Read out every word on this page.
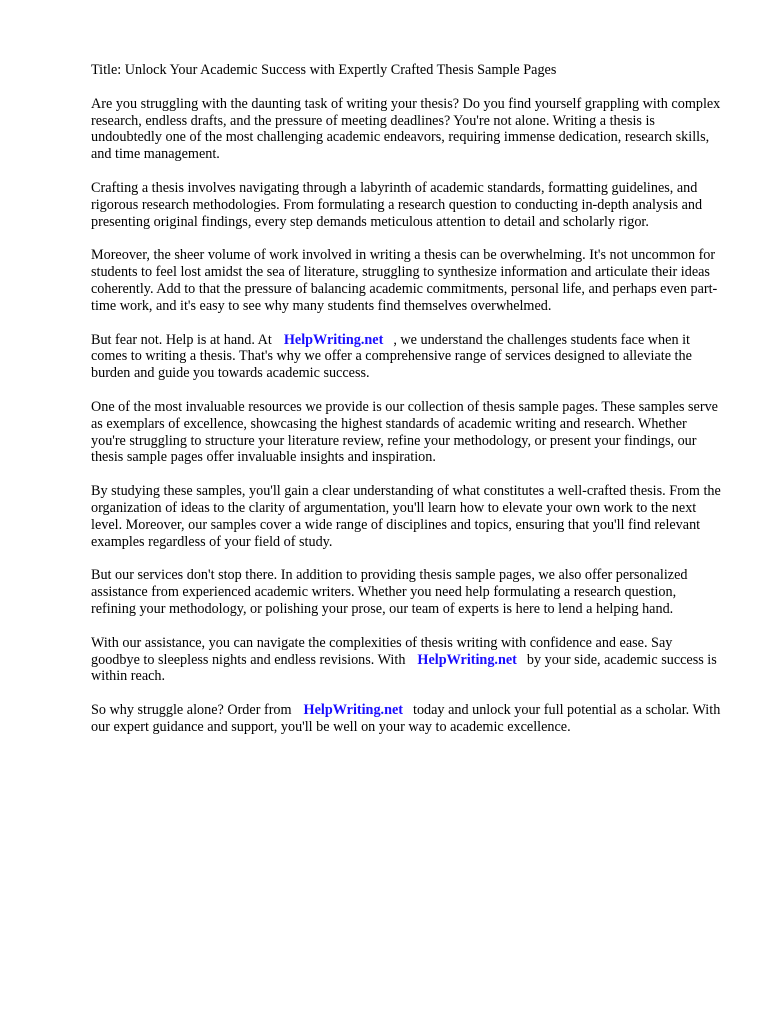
Title: Unlock Your Academic Success with Expertly Crafted Thesis Sample Pages

Are you struggling with the daunting task of writing your thesis? Do you find yourself grappling with complex research, endless drafts, and the pressure of meeting deadlines? You're not alone. Writing a thesis is undoubtedly one of the most challenging academic endeavors, requiring immense dedication, research skills, and time management.

Crafting a thesis involves navigating through a labyrinth of academic standards, formatting guidelines, and rigorous research methodologies. From formulating a research question to conducting in-depth analysis and presenting original findings, every step demands meticulous attention to detail and scholarly rigor.

Moreover, the sheer volume of work involved in writing a thesis can be overwhelming. It's not uncommon for students to feel lost amidst the sea of literature, struggling to synthesize information and articulate their ideas coherently. Add to that the pressure of balancing academic commitments, personal life, and perhaps even part-time work, and it's easy to see why many students find themselves overwhelmed.

But fear not. Help is at hand. At HelpWriting.net , we understand the challenges students face when it comes to writing a thesis. That's why we offer a comprehensive range of services designed to alleviate the burden and guide you towards academic success.

One of the most invaluable resources we provide is our collection of thesis sample pages. These samples serve as exemplars of excellence, showcasing the highest standards of academic writing and research. Whether you're struggling to structure your literature review, refine your methodology, or present your findings, our thesis sample pages offer invaluable insights and inspiration.

By studying these samples, you'll gain a clear understanding of what constitutes a well-crafted thesis. From the organization of ideas to the clarity of argumentation, you'll learn how to elevate your own work to the next level. Moreover, our samples cover a wide range of disciplines and topics, ensuring that you'll find relevant examples regardless of your field of study.

But our services don't stop there. In addition to providing thesis sample pages, we also offer personalized assistance from experienced academic writers. Whether you need help formulating a research question, refining your methodology, or polishing your prose, our team of experts is here to lend a helping hand.

With our assistance, you can navigate the complexities of thesis writing with confidence and ease. Say goodbye to sleepless nights and endless revisions. With HelpWriting.net by your side, academic success is within reach.

So why struggle alone? Order from HelpWriting.net today and unlock your full potential as a scholar. With our expert guidance and support, you'll be well on your way to academic excellence.
